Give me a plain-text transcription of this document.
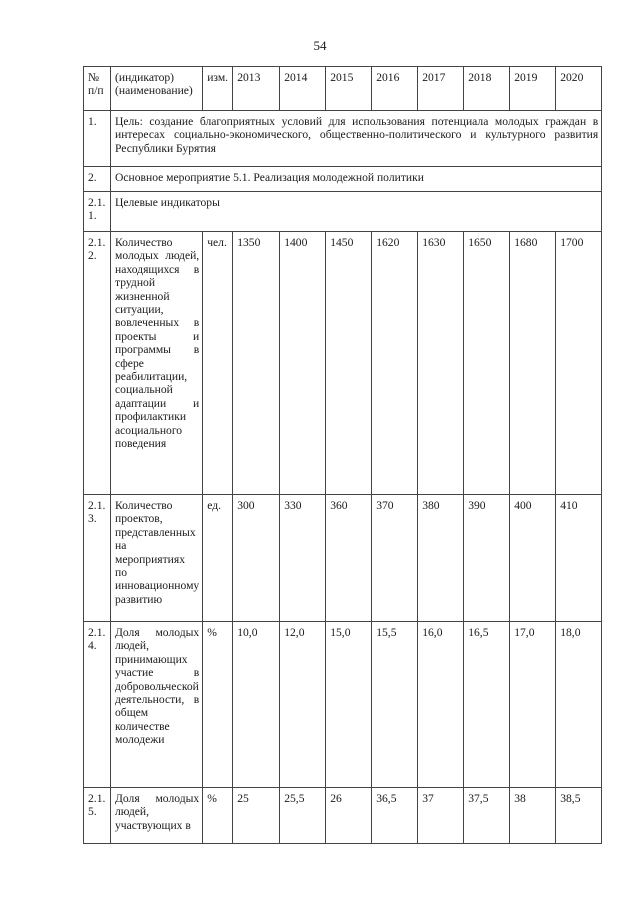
54
№ п/п	(индикатор) (наименование)	изм.	2013	2014	2015	2016	2017	2018	2019	2020
1.	Цель: создание благоприятных условий для использования потенциала молодых граждан в интересах социально-экономического, общественно-политического и культурного развития Республики Бурятия									
2.	Основное мероприятие 5.1. Реализация молодежной политики									
2.1. 1.	Целевые индикаторы									
2.1. 2.	Количество молодых людей, находящихся в трудной жизненной ситуации, вовлеченных в проекты и программы в сфере реабилитации, социальной адаптации и профилактики асоциального поведения	чел.	1350	1400	1450	1620	1630	1650	1680	1700
2.1. 3.	Количество проектов, представленных на мероприятиях по инновационному развитию	ед.	300	330	360	370	380	390	400	410
2.1. 4.	Доля молодых людей, принимающих участие в добровольческой деятельности, в общем количестве молодежи	%	10,0	12,0	15,0	15,5	16,0	16,5	17,0	18,0
2.1. 5.	Доля молодых людей, участвующих в	%	25	25,5	26	36,5	37	37,5	38	38,5
